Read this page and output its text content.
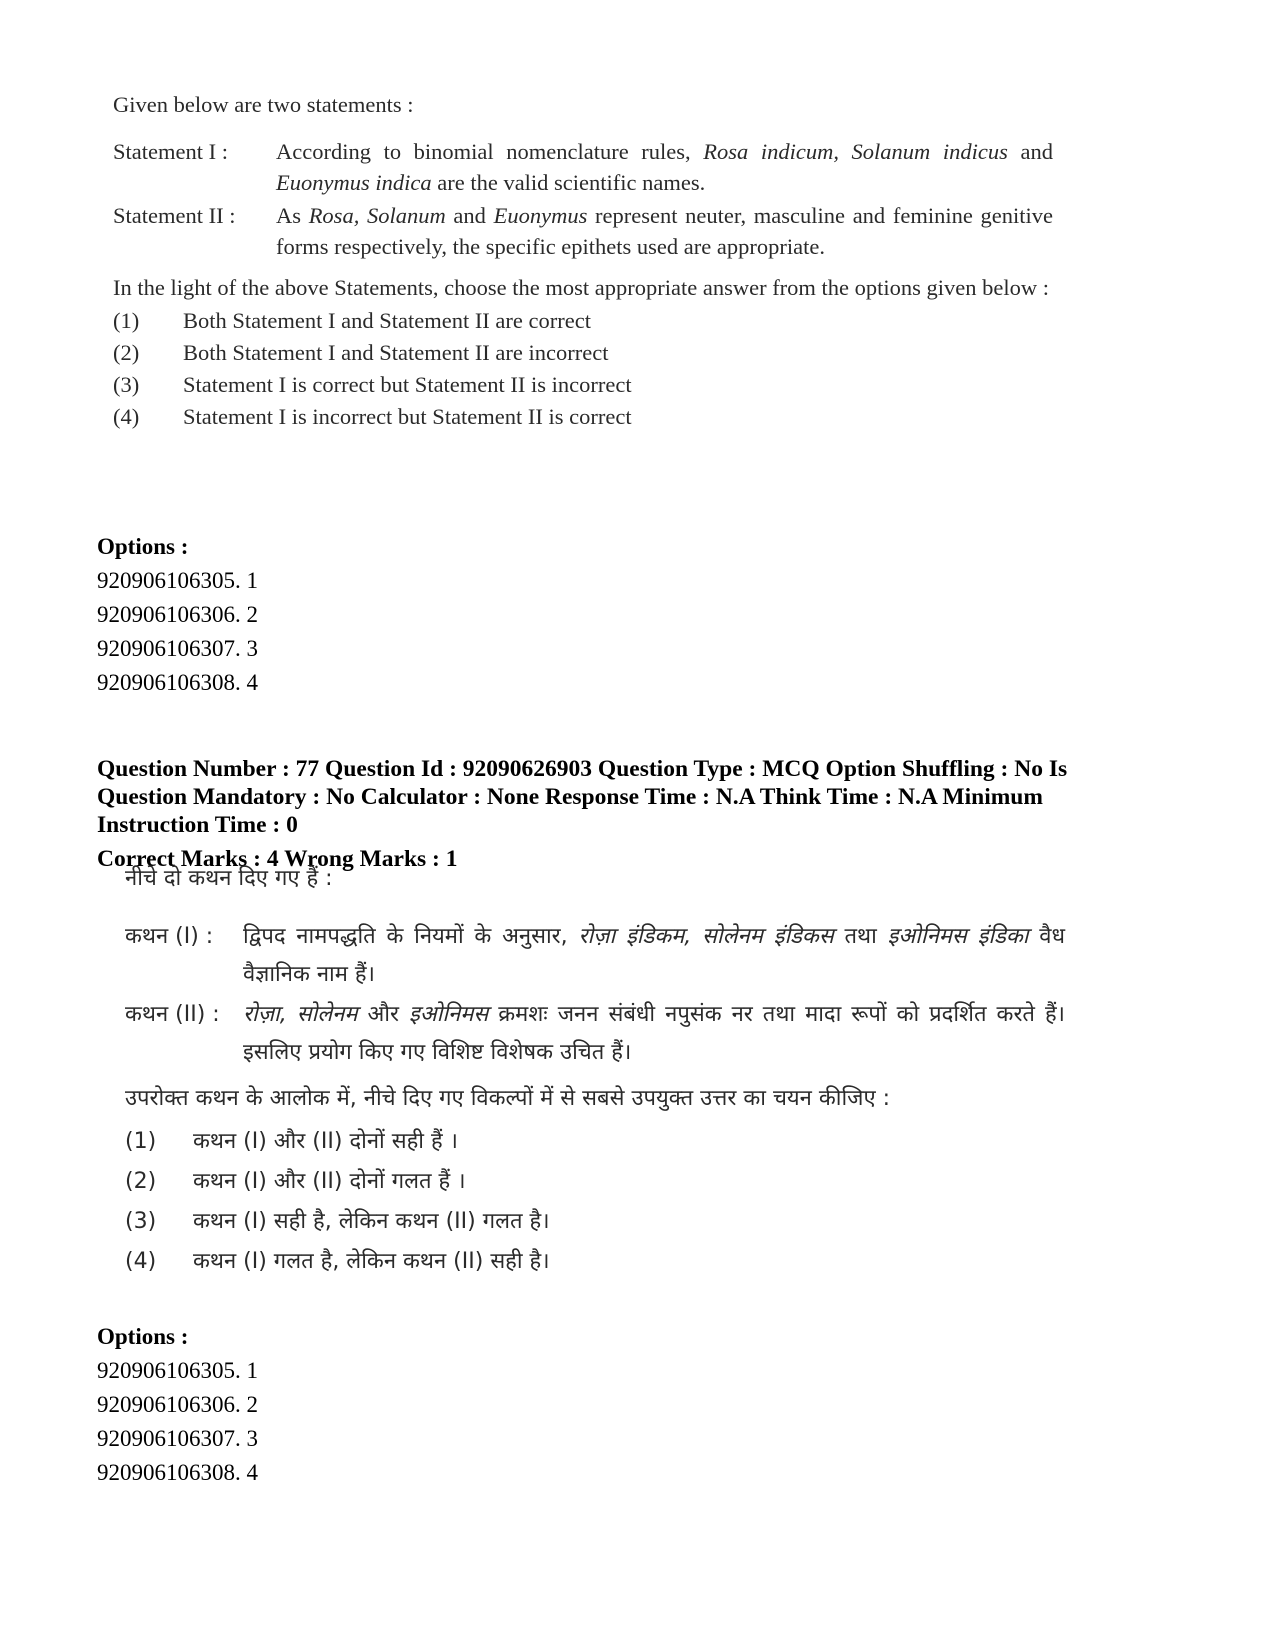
Given below are two statements :

Statement I :	According to binomial nomenclature rules, Rosa indicum, Solanum indicus and Euonymus indica are the valid scientific names.
Statement II :	As Rosa, Solanum and Euonymus represent neuter, masculine and feminine genitive forms respectively, the specific epithets used are appropriate.

In the light of the above Statements, choose the most appropriate answer from the options given below :

(1)	Both Statement I and Statement II are correct
(2)	Both Statement I and Statement II are incorrect
(3)	Statement I is correct but Statement II is incorrect
(4)	Statement I is incorrect but Statement II is correct
Options :
920906106305. 1
920906106306. 2
920906106307. 3
920906106308. 4
Question Number : 77 Question Id : 92090626903 Question Type : MCQ Option Shuffling : No Is
Question Mandatory : No Calculator : None Response Time : N.A Think Time : N.A Minimum
Instruction Time : 0
Correct Marks : 4 Wrong Marks : 1

नीचे दो कथन दिए गए हैं :

कथन (I) :	द्विपद नामपद्धति के नियमों के अनुसार, रोज़ा इंडिकम, सोलेनम इंडिकस तथा इओनिमस इंडिका वैध वैज्ञानिक नाम हैं।
कथन (II) :	रोज़ा, सोलेनम और इओनिमस क्रमशः जनन संबंधी नपुसंक नर तथा मादा रूपों को प्रदर्शित करते हैं। इसलिए प्रयोग किए गए विशिष्ट विशेषक उचित हैं।

उपरोक्त कथन के आलोक में, नीचे दिए गए विकल्पों में से सबसे उपयुक्त उत्तर का चयन कीजिए :

(1)	कथन (I) और (II) दोनों सही हैं ।
(2)	कथन (I) और (II) दोनों गलत हैं ।
(3)	कथन (I) सही है, लेकिन कथन (II) गलत है।
(4)	कथन (I) गलत है, लेकिन कथन (II) सही है।
Options :
920906106305. 1
920906106306. 2
920906106307. 3
920906106308. 4
